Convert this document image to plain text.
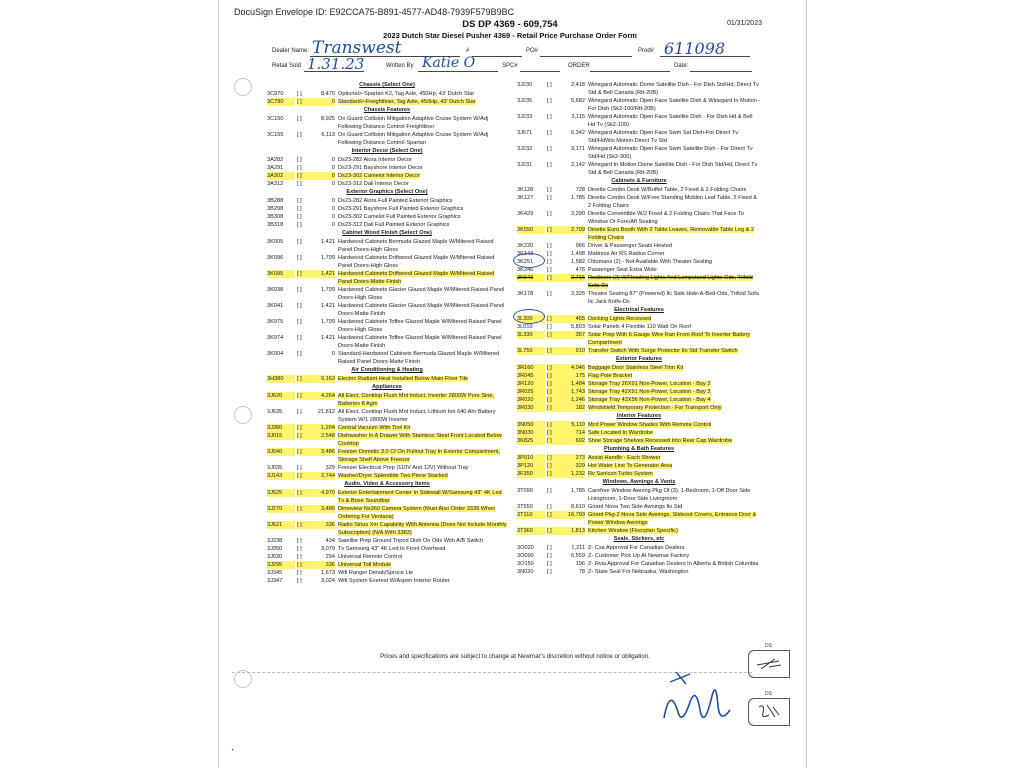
DocuSign Envelope ID: E92CCA75-B891-4577-AD48-7939F579B9BC
01/31/2023
DS DP 4369 - 609,754
2023 Dutch Star Diesel Pusher 4369 - Retail Price Purchase Order Form
Dealer Name: Transwest	#	PO#	Prod# 611098
Retail Sold 1.31.23	Written By Katie O	SPC#	ORDER	Date:
Chassis (Select One)
3C970	[ ]	8,470 Optional>-Spartan K2, Tag Axle, 450Hp, 43' Dutch Star
3C790	[ ]	0 Standard>-Freightliner, Tag Axle, 450Hp, 43' Dutch Star
Chassis Features
3C150	[ ]	8,925 On Guard Collision Mitigation Adaptive Cruise System W/Adj Following Distance Control-Freightliner
3C155	[ ]	6,113 On Guard Collision Mitigation Adaptive Cruise System W/Adj Following Distance Control-Spartan
Interior Decor (Select One)
3A282	[ ]	0 Ds23-282 Alora Interior Decor
3A291	[ ]	0 Ds23-291 Bayshore Interior Decor
3A302	[ ]	0 Ds23-302 Camelot Interior Decor
3A312	[ ]	0 Ds23-312 Dali Interior Decor
Exterior Graphics (Select One)
3B288	[ ]	0 Ds23-282 Alora Full Painted Exterior Graphics
3B298	[ ]	0 Ds23-291 Bayshore Full Painted Exterior Graphics
3B308	[ ]	0 Ds23-302 Camelot Full Painted Exterior Graphics
3B318	[ ]	0 Ds23-312 Dali Full Painted Exterior Graphics
Cabinet Wood Finish (Select One)
3K005	[ ]	1,421 Hardwood Cabinets Bermuda Glazed Maple W/Mitered Raised Panel Doors-High Gloss
3K096	[ ]	1,799 Hardwood Cabinets Driftwood Glazed Maple W/Mitered Raised Panel Doors-High Gloss
3K095	[ ]	1,421 Hardwood Cabinets Driftwood Glazed Maple W/Mitered Raised Panel Doors-Matte Finish
3K038	[ ]	1,799 Hardwood Cabinets Glacier Glazed Maple W/Mitered Raised Panel Doors-High Gloss
3K041	[ ]	1,421 Hardwood Cabinets Glacier Glazed Maple W/Mitered Raised Panel Doors-Matte Finish
3K975	[ ]	1,799 Hardwood Cabinets Toffee Glazed Maple W/Mitered Raised Panel Doors-High Gloss
3K974	[ ]	1,421 Hardwood Cabinets Toffee Glazed Maple W/Mitered Raised Panel Doors-Matte Finish
3K004	[ ]	0 Standard-Hardwood Cabinets Bermuda Glazed Maple W/Mitered Raised Panel Doors-Matte Finish
Air Conditioning & Heating
3H380	[ ]	9,163 Electric Radiant Heat Installed Below Main Floor Tile
Appliances
3J620	[ ]	4,264 All Elect, Cooktop Flush Mnt Induct, Inverter 2800W Pure Sine, Batteries 8 Agm
3J635	[ ]	21,812 All Elect, Cooktop Flush Mnt Induct, Lithium Ion 640 Ahr Battery System W/1 2800W Inverter
3J380	[ ]	1,204 Central Vacuum With Tool Kit
3J015	[ ]	2,548 Dishwasher In A Drawer With Stainless Steel Front Located Below Cooktop
3J040	[ ]	3,486 Freezer Dometic 3.0 Cf On Pullout Tray In Exterior Compartment, Storage Shelf Above Freezer
3J035	[ ]	329 Freezer Electrical Prep (110V And 12V) Without Tray
3J143	[ ]	2,744 Washer/Dryer Splendide Two Piece Stacked
Audio, Video & Accessory Items
3J525	[ ]	4,970 Exterior Entertainment Center In Sidewall W/Samsung 43" 4K Led Tv & Bose Soundbar
3J270	[ ]	3,486 Dimeview Ns360 Camera System (Must Also Order 3339 When Ordering For Ventana)
3J621	[ ]	336 Radio Sirius Xm Capability With Antenna (Does Not Include Monthly Subscription) (N/A With 3383)
3J238	[ ]	434 Satellite Prep Ground Tripod Dish On Ods With A/B Switch
3J350	[ ]	3,079 Tv Samsung 43" 4K Led In Front Overhead
3J030	[ ]	294 Universal Remote Control
3J295	[ ]	336 Universal Toll Module
3J345	[ ]	1,673 Wifi Ranger Denali/Spruce Lte
3J347	[ ]	3,024 Wifi System Everest W/Aspen Interior Router
3J230	[ ]	2,418 Winegard Automatic Dome Satellite Dish - For Dish Std/Hd, Direct Tv Std & Bell Canada (Rtt-20B)
3J235	[ ]	5,682 Winegard Automatic Open Face Satellite Dish & Winegard In Motion - For Dish (Sk2-100/Rtt-20B)
3J233	[ ]	3,115 Winegard Automatic Open Face Satellite Dish - For Dish Hd & Bell Hd Tv (Sk2-100)
3J671	[ ]	6,342 Winegard Automatic Open Face Swm Sat Dish-For Direct Tv Std/HdWin Motion Direct Tv Std
3J232	[ ]	3,171 Winegard Automatic Open Face Swm Satellite Dish - For Direct Tv Std/Hd (Sk2-300)
3J231	[ ]	2,142 Winegard In Motion Dome Satellite Dish - For Dish Std/Hd, Direct Tv Std & Bell Canada (Rtt-20B)
Cabinets & Furniture
3K128	[ ]	728 Dinette Combo Desk W/Buffet Table, 2 Fixed & 2 Folding Chairs
3K127	[ ]	1,785 Dinette Combo Desk W/Free Standing Midden Leaf Table, 2 Fixed & 2 Folding Chairs
3K429	[ ]	3,290 Dinette Convertible W/2 Fixed & 2 Folding Chairs That Face To Window Or Fore/Aft Seating
3K550	[ ]	2,709 Dinette Euro Booth With 2 Table Leaves, Removable Table Leg & 2 Folding Chairs
3K220	[ ]	966 Driver & Passenger Seats Heated
3K143	[ ]	1,498 Mattress Air RS Radius Corner
3K251	[ ]	1,582 Ottomans (2) - Not Available With Theater Seating
3K246	[ ]	476 Passenger Seat Extra Wide
3K643	[ ]	2,716 Recliners (2) W/Reading Lights And Lampstand Lights-Ods, Trifold Sofa-Ds
3K178	[ ]	3,325 Theatre Seating 87" (Powered) Ilc Side Hide-A-Bed-Ods, Trifold Sofa Ilc Jack Knife-Ds
Electrical Features
3L300	[ ]	455 Docking Lights Recessed
3L010	[ ]	5,803 Solar Panels 4 Flexible 110 Watt On Roof
3L330	[ ]	357 Solar Prep With 6 Gauge Wire Ran From Roof To Inverter Battery Compartment
3L750	[ ]	910 Transfer Switch With Surge Protector Ilo Std Transfer Switch
Exterior Features
3R160	[ ]	4,046 Baggage Door Stainless Steel Trim Kit
3R045	[ ]	175 Flag Pole Bracket
3R120	[ ]	1,484 Storage Tray 26X91 Non-Power, Location - Bay 2
3R025	[ ]	1,743 Storage Tray 42X91 Non-Power, Location - Bay 3
3R020	[ ]	1,246 Storage Tray 43X56 Non-Power, Location - Bay 4
3R030	[ ]	182 Windshield Temporary Protection - For Transport Only
Interior Features
3N050	[ ]	5,110 Mcd Power Window Shades With Remote Control
3N030	[ ]	714 Safe Located In Wardrobe
3K825	[ ]	602 Shoe Storage Shelves Recessed Into Rear Cap Wardrobe
Plumbing & Bath Features
3P010	[ ]	273 Assist Handle - Each Shower
3P120	[ ]	329 Hot Water Line To Generator Area
3F350	[ ]	1,232 Rv Sanicon Turbo System
Windows, Awnings & Vents
3T090	[ ]	1,785 Carefree Window Awning Pkg Of (3), 1-Bedroom, 1-Off Door Side Livingroom, 1-Door Side Livingroom
3T550	[ ]	8,610 Girard Nova Two Side Awnings Ilo Std
3T110	[ ]	16,793 Girard Pkg-2 Nova Side Awnings, Slideout Covers, Entrance Door & Power Window Awnings
3T360	[ ]	1,813 Kitchen Window (Floorplan Specific)
Seals, Stickers, etc
3O020	[ ]	1,211 Z- Csa Approval For Canadian Dealers
3O090	[ ]	6,559 Z- Customer Pick Up At Newmar Factory
3O150	[ ]	196 Z- Rvia Approval For Canadian Dealers In Alberta & British Columbia
3N020	[ ]	78 Z- State Seal For Nebraska, Washington
Prices and specifications are subject to change at Newmar's discretion without notice or obligation.
DS
DS
